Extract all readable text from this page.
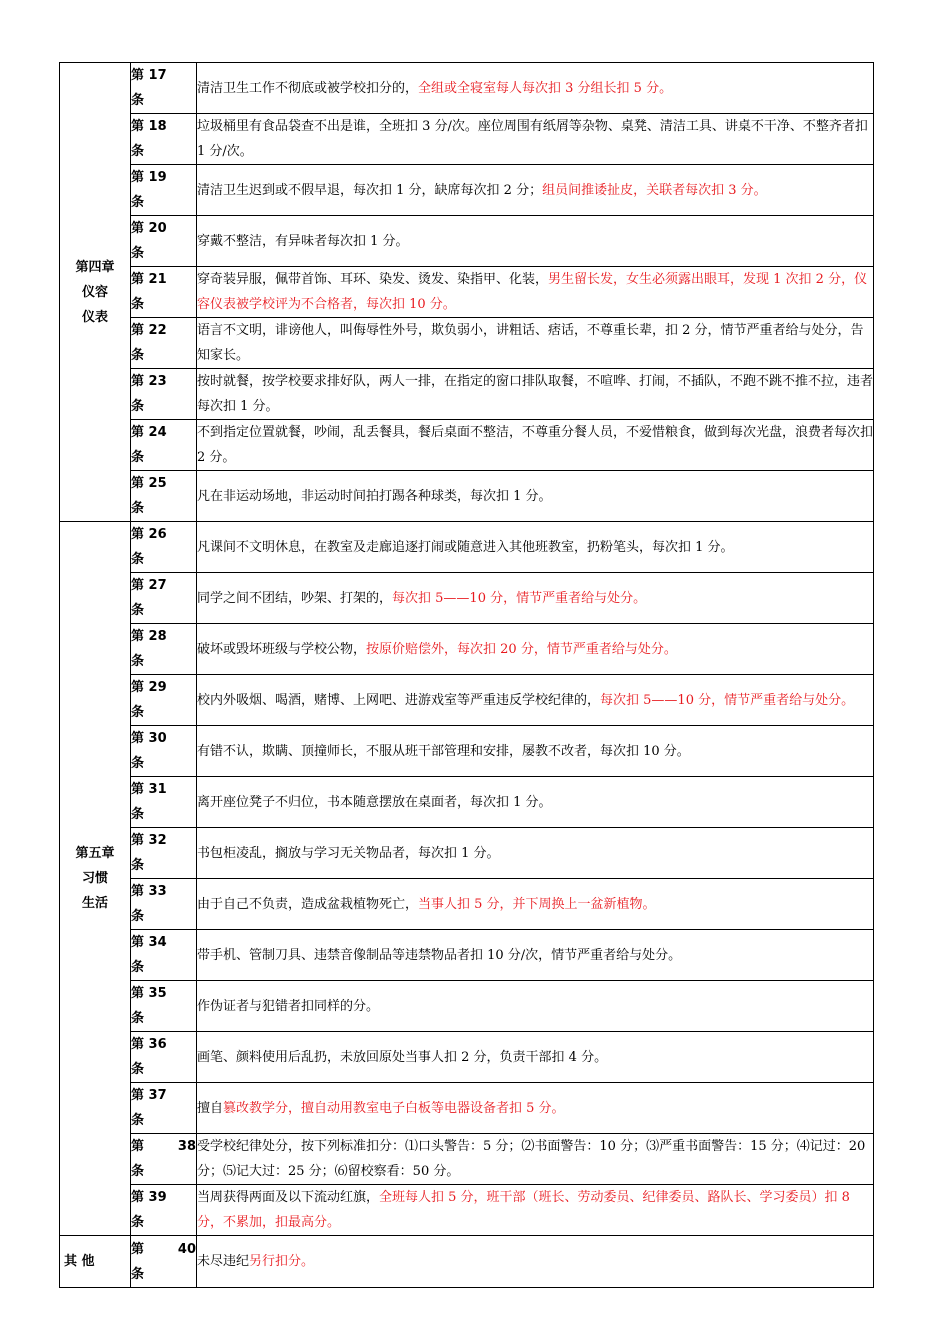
第四章
仪容
仪表	第 17
条	清洁卫生工作不彻底或被学校扣分的，全组或全寝室每人每次扣 3 分组长扣 5 分。

	第 18
条	垃圾桶里有食品袋查不出是谁，全班扣 3 分/次。座位周围有纸屑等杂物、桌凳、清洁工具、讲桌不干净、不整齐者扣 1 分/次。

	第 19
条	清洁卫生迟到或不假早退，每次扣 1 分，缺席每次扣 2 分；组员间推诿扯皮，关联者每次扣 3 分。

	第 20
条	穿戴不整洁，有异味者每次扣 1 分。

	第 21
条	穿奇装异服，佩带首饰、耳环、染发、烫发、染指甲、化装，男生留长发，女生必须露出眼耳，发现 1 次扣 2 分，仪容仪表被学校评为不合格者，每次扣 10 分。

	第 22
条	语言不文明，诽谤他人，叫侮辱性外号，欺负弱小，讲粗话、痞话，不尊重长辈，扣 2 分，情节严重者给与处分，告知家长。

	第 23
条	按时就餐，按学校要求排好队，两人一排，在指定的窗口排队取餐，不喧哗、打闹，不插队，不跑不跳不推不拉，违者每次扣 1 分。

	第 24
条	不到指定位置就餐，吵闹，乱丢餐具，餐后桌面不整洁，不尊重分餐人员，不爱惜粮食，做到每次光盘，浪费者每次扣 2 分。

	第 25
条	凡在非运动场地，非运动时间拍打踢各种球类，每次扣 1 分。
第五章
习惯
生活	第 26
条	凡课间不文明休息，在教室及走廊追逐打闹或随意进入其他班教室，扔粉笔头，每次扣 1 分。

	第 27
条	同学之间不团结，吵架、打架的，每次扣 5——10 分，情节严重者给与处分。

	第 28
条	破坏或毁坏班级与学校公物，按原价赔偿外，每次扣 20 分，情节严重者给与处分。

	第 29
条	校内外吸烟、喝酒，赌博、上网吧、进游戏室等严重违反学校纪律的，每次扣 5——10 分，情节严重者给与处分。

	第 30
条	有错不认，欺瞒、顶撞师长，不服从班干部管理和安排，屡教不改者，每次扣 10 分。

	第 31
条	离开座位凳子不归位，书本随意摆放在桌面者，每次扣 1 分。

	第 32
条	书包柜凌乱，搁放与学习无关物品者，每次扣 1 分。

	第 33
条	由于自己不负责，造成盆栽植物死亡，当事人扣 5 分，并下周换上一盆新植物。

	第 34
条	带手机、管制刀具、违禁音像制品等违禁物品者扣 10 分/次，情节严重者给与处分。

	第 35
条	作伪证者与犯错者扣同样的分。

	第 36
条	画笔、颜料使用后乱扔，未放回原处当事人扣 2 分，负责干部扣 4 分。

	第 37
条	擅自篡改教学分，擅自动用教室电子白板等电器设备者扣 5 分。

	第 38
条	受学校纪律处分，按下列标准扣分：⑴口头警告：5 分；⑵书面警告：10 分；⑶严重书面警告：15 分；⑷记过：20 分；⑸记大过：25 分；⑹留校察看：50 分。

	第 39
条	当周获得两面及以下流动红旗，全班每人扣 5 分，班干部（班长、劳动委员、纪律委员、路队长、学习委员）扣 8 分，不累加，扣最高分。
其 他	第 40
条	未尽违纪另行扣分。
